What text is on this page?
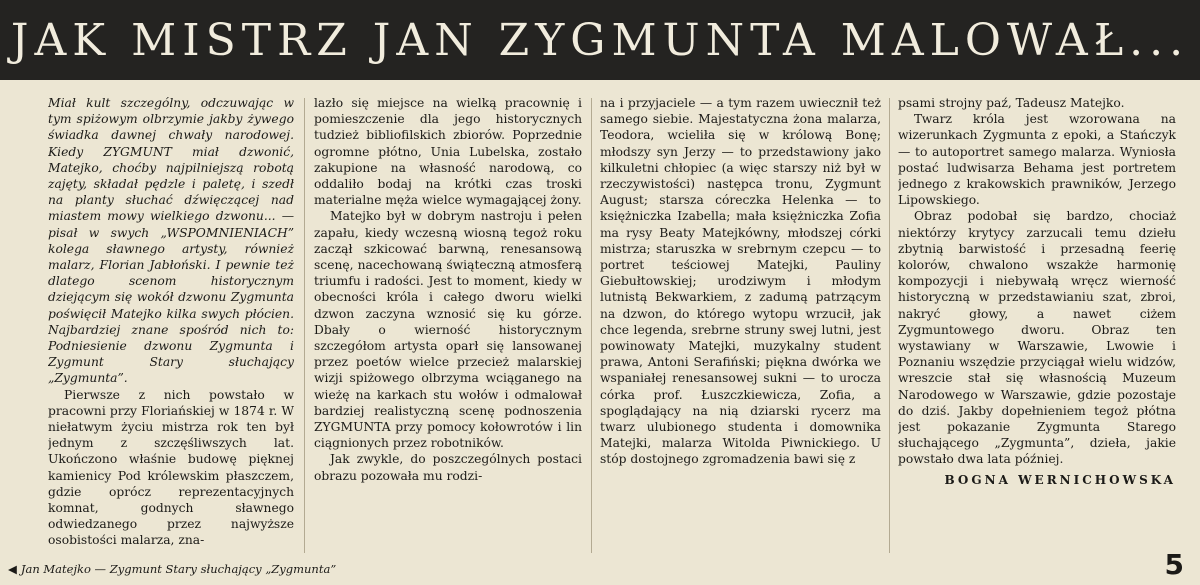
JAK MISTRZ JAN ZYGMUNTA MALOWAŁ...

Miał kult szczególny, odczuwając w tym spiżowym olbrzymie jakby żywego świadka dawnej chwały narodowej. Kiedy ZYGMUNT miał dzwonić, Matejko, choćby najpilniejszą robotą zajęty, składał pędzle i paletę, i szedł na planty słuchać dźwięczącej nad miastem mowy wielkiego dzwonu... — pisał w swych „WSPOMNIENIACH” kolega sławnego artysty, również malarz, Florian Jabłoński. I pewnie też dlatego scenom historycznym dziejącym się wokół dzwonu Zygmunta poświęcił Matejko kilka swych płócien. Najbardziej znane spośród nich to: Podniesienie dzwonu Zygmunta i Zygmunt Stary słuchający „Zygmunta”.

Pierwsze z nich powstało w pracowni przy Floriańskiej w 1874 r. W niełatwym życiu mistrza rok ten był jednym z szczęśliwszych lat. Ukończono właśnie budowę pięknej kamienicy Pod królewskim płaszczem, gdzie oprócz reprezentacyjnych komnat, godnych sławnego odwiedzanego przez najwyższe osobistości malarza, zna-

lazło się miejsce na wielką pracownię i pomieszczenie dla jego historycznych tudzież bibliofilskich zbiorów. Poprzednie ogromne płótno, Unia Lubelska, zostało zakupione na własność narodową, co oddaliło bodaj na krótki czas troski materialne męża wielce wymagającej żony.

Matejko był w dobrym nastroju i pełen zapału, kiedy wczesną wiosną tegoż roku zaczął szkicować barwną, renesansową scenę, nacechowaną świąteczną atmosferą triumfu i radości. Jest to moment, kiedy w obecności króla i całego dworu wielki dzwon zaczyna wznosić się ku górze. Dbały o wierność historycznym szczegółom artysta oparł się lansowanej przez poetów wielce przecież malarskiej wizji spiżowego olbrzyma wciąganego na wieżę na karkach stu wołów i odmalował bardziej realistyczną scenę podnoszenia ZYGMUNTA przy pomocy kołowrotów i lin ciągnionych przez robotników.

Jak zwykle, do poszczególnych postaci obrazu pozowała mu rodzi-

na i przyjaciele — a tym razem uwiecznił też samego siebie. Majestatyczna żona malarza, Teodora, wcieliła się w królową Bonę; młodszy syn Jerzy — to przedstawiony jako kilkuletni chłopiec (a więc starszy niż był w rzeczywistości) następca tronu, Zygmunt August; starsza córeczka Helenka — to księżniczka Izabella; mała księżniczka Zofia ma rysy Beaty Matejkówny, młodszej córki mistrza; staruszka w srebrnym czepcu — to portret teściowej Matejki, Pauliny Giebułtowskiej; urodziwym i młodym lutnistą Bekwarkiem, z zadumą patrzącym na dzwon, do którego wytopu wrzucił, jak chce legenda, srebrne struny swej lutni, jest powinowaty Matejki, muzykalny student prawa, Antoni Serafiński; piękna dwórka we wspaniałej renesansowej sukni — to urocza córka prof. Łuszczkiewicza, Zofia, a spoglądający na nią dziarski rycerz ma twarz ulubionego studenta i domownika Matejki, malarza Witolda Piwnickiego. U stóp dostojnego zgromadzenia bawi się z

psami strojny paź, Tadeusz Matejko.

Twarz króla jest wzorowana na wizerunkach Zygmunta z epoki, a Stańczyk — to autoportret samego malarza. Wyniosła postać ludwisarza Behama jest portretem jednego z krakowskich prawników, Jerzego Lipowskiego.

Obraz podobał się bardzo, chociaż niektórzy krytycy zarzucali temu dziełu zbytnią barwistość i przesadną feerię kolorów, chwalono wszakże harmonię kompozycji i niebywałą wręcz wierność historyczną w przedstawianiu szat, zbroi, nakryć głowy, a nawet ciżem Zygmuntowego dworu. Obraz ten wystawiany w Warszawie, Lwowie i Poznaniu wszędzie przyciągał wielu widzów, wreszcie stał się własnością Muzeum Narodowego w Warszawie, gdzie pozostaje do dziś. Jakby dopełnieniem tegoż płótna jest pokazanie Zygmunta Starego słuchającego „Zygmunta”, dzieła, jakie powstało dwa lata później.

BOGNA WERNICHOWSKA

◀ Jan Matejko — Zygmunt Stary słuchający „Zygmunta”	5
